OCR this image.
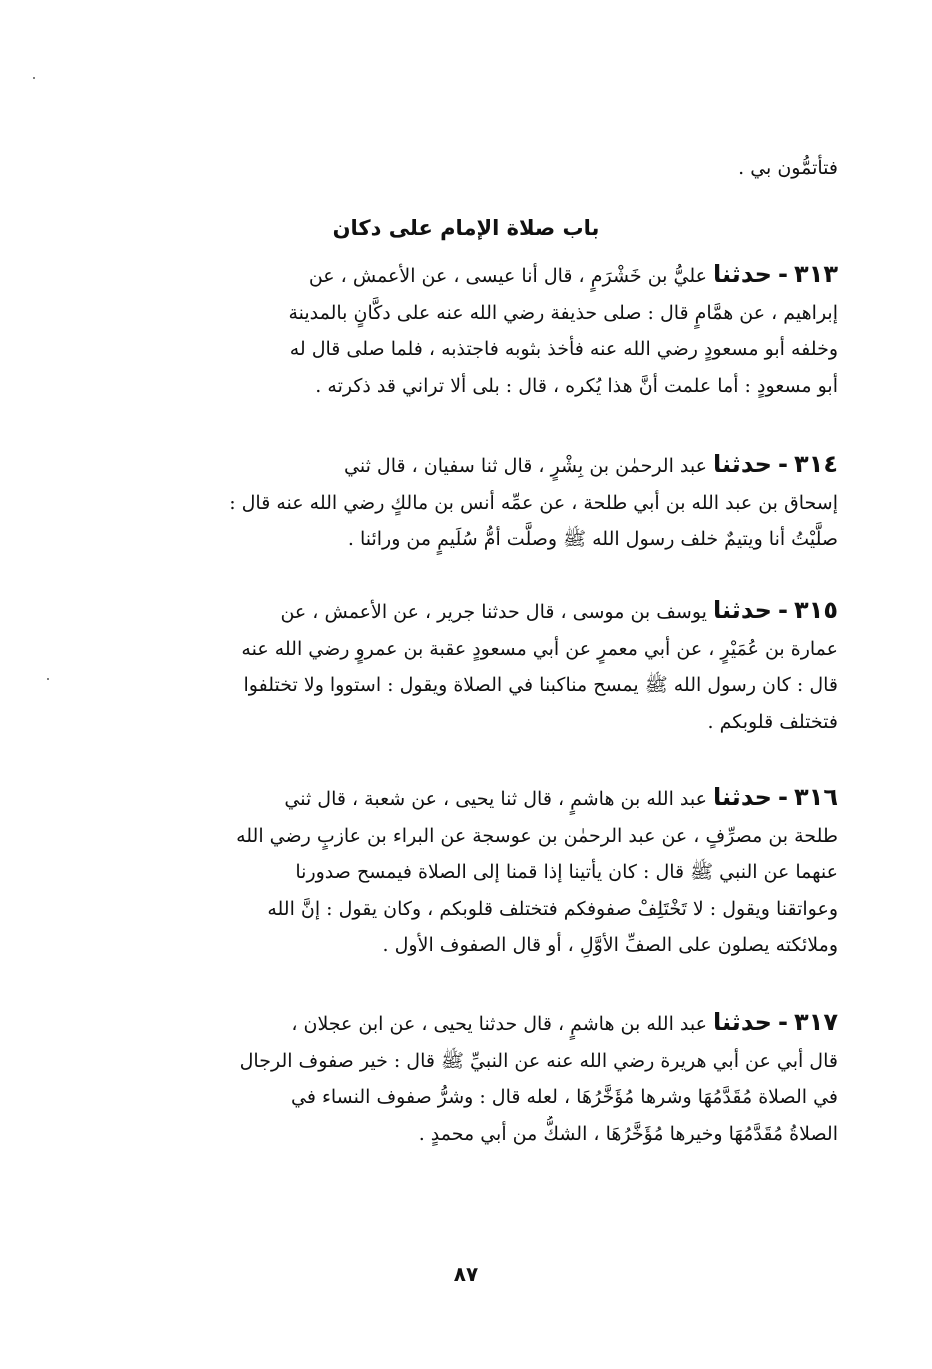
فتأتمُّون بي .
باب صلاة الإمام على دكان
٣١٣ - حدثنا عليُّ بن خَشْرَمٍ ، قال أنا عيسى ، عن الأعمش ، عن
إبراهيم ، عن همَّامٍ قال : صلى حذيفة رضي الله عنه على دكَّانٍ بالمدينة
وخلفه أبو مسعودٍ رضي الله عنه فأخذ بثوبه فاجتذبه ، فلما صلى قال له
أبو مسعودٍ : أما علمت أنَّ هذا يُكره ، قال : بلى ألا تراني قد ذكرته .
٣١٤ - حدثنا عبد الرحمٰن بن بِشْرٍ ، قال ثنا سفيان ، قال ثني
إسحاق بن عبد الله بن أبي طلحة ، عن عمِّه أنس بن مالكٍ رضي الله عنه قال :
صلَّيْتُ أنا ويتيمٌ خلف رسول الله ﷺ وصلَّت أمُّ سُلَيمٍ من ورائنا .
٣١٥ - حدثنا يوسف بن موسى ، قال حدثنا جرير ، عن الأعمش ، عن
عمارة بن عُمَيْرٍ ، عن أبي معمرٍ عن أبي مسعودٍ عقبة بن عمروٍ رضي الله عنه
قال : كان رسول الله ﷺ يمسح مناكبنا في الصلاة ويقول : استووا ولا تختلفوا
فتختلف قلوبكم .
٣١٦ - حدثنا عبد الله بن هاشمٍ ، قال ثنا يحيى ، عن شعبة ، قال ثني
طلحة بن مصرِّفٍ ، عن عبد الرحمٰن بن عوسجة عن البراء بن عازبٍ رضي الله
عنهما عن النبي ﷺ قال : كان يأتينا إذا قمنا إلى الصلاة فيمسح صدورنا
وعواتقنا ويقول : لا تَخْتَلِفْ صفوفكم فتختلف قلوبكم ، وكان يقول : إنَّ الله
وملائكته يصلون على الصفِّ الأوَّلِ ، أو قال الصفوف الأول .
٣١٧ - حدثنا عبد الله بن هاشمٍ ، قال حدثنا يحيى ، عن ابن عجلان ،
قال أبي عن أبي هريرة رضي الله عنه عن النبيِّ ﷺ قال : خير صفوف الرجال
في الصلاة مُقَدَّمُهَا وشرها مُؤَخَّرُهَا ، لعله قال : وشرُّ صفوف النساء في
الصلاةُ مُقَدَّمُهَا وخيرها مُؤَخَّرُهَا ، الشكُّ من أبي محمدٍ .
٨٧
